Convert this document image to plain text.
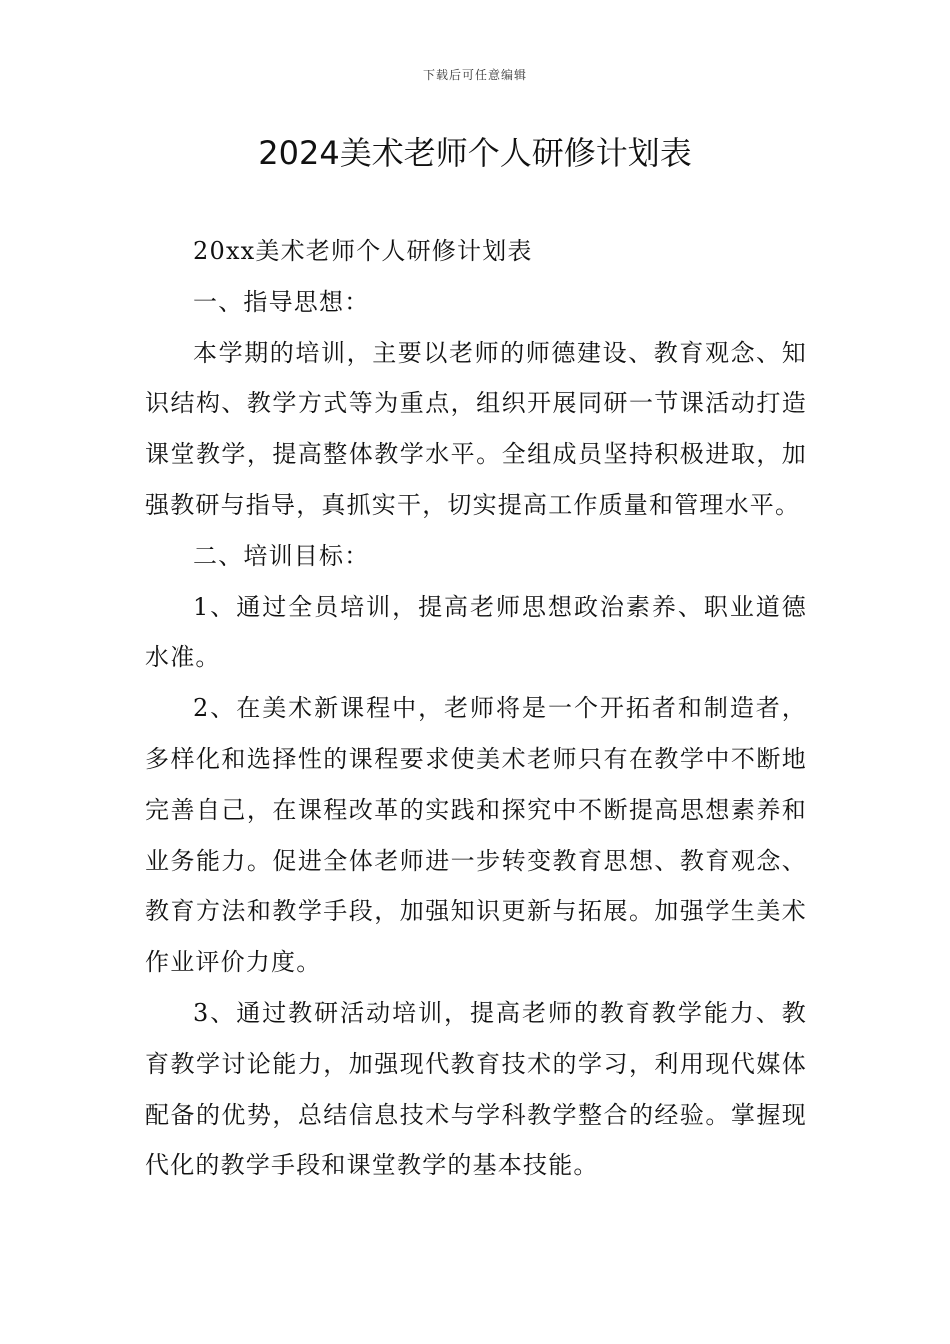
下载后可任意编辑
2024美术老师个人研修计划表

20xx美术老师个人研修计划表

一、指导思想：

本学期的培训，主要以老师的师德建设、教育观念、知识结构、教学方式等为重点，组织开展同研一节课活动打造课堂教学，提高整体教学水平。全组成员坚持积极进取，加强教研与指导，真抓实干，切实提高工作质量和管理水平。

二、培训目标：

1、通过全员培训，提高老师思想政治素养、职业道德水准。

2、在美术新课程中，老师将是一个开拓者和制造者，多样化和选择性的课程要求使美术老师只有在教学中不断地完善自己，在课程改革的实践和探究中不断提高思想素养和业务能力。促进全体老师进一步转变教育思想、教育观念、教育方法和教学手段，加强知识更新与拓展。加强学生美术作业评价力度。

3、通过教研活动培训，提高老师的教育教学能力、教育教学讨论能力，加强现代教育技术的学习，利用现代媒体配备的优势，总结信息技术与学科教学整合的经验。掌握现代化的教学手段和课堂教学的基本技能。
